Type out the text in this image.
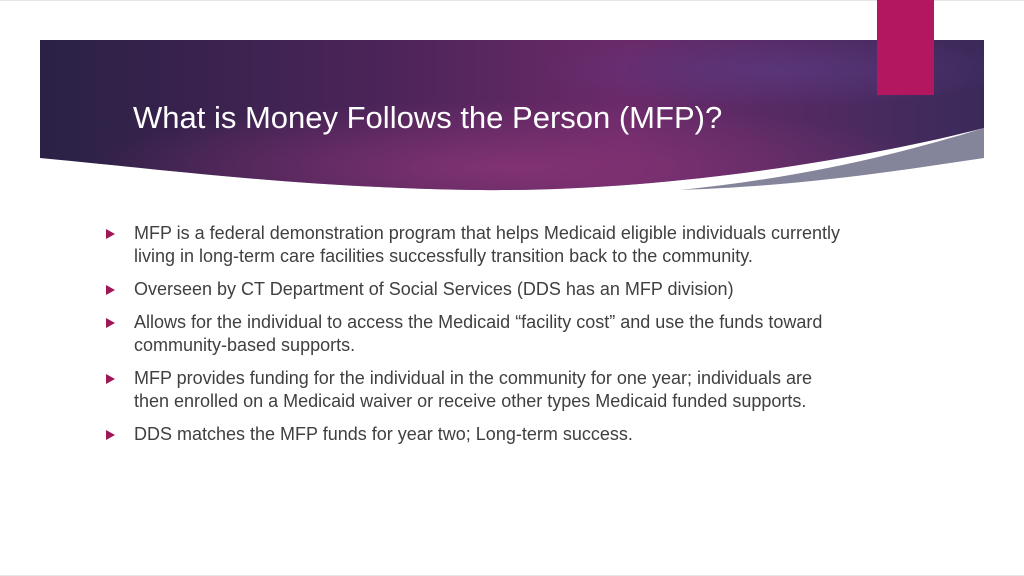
What is Money Follows the Person (MFP)?
MFP is a federal demonstration program that helps Medicaid eligible individuals currently living in long-term care facilities successfully transition back to the community.
Overseen by CT Department of Social Services (DDS has an MFP division)
Allows for the individual to access the Medicaid “facility cost” and use the funds toward community-based supports.
MFP provides funding for the individual in the community for one year; individuals are then enrolled on a Medicaid waiver or receive other types Medicaid funded supports.
DDS matches the MFP funds for year two; Long-term success.
